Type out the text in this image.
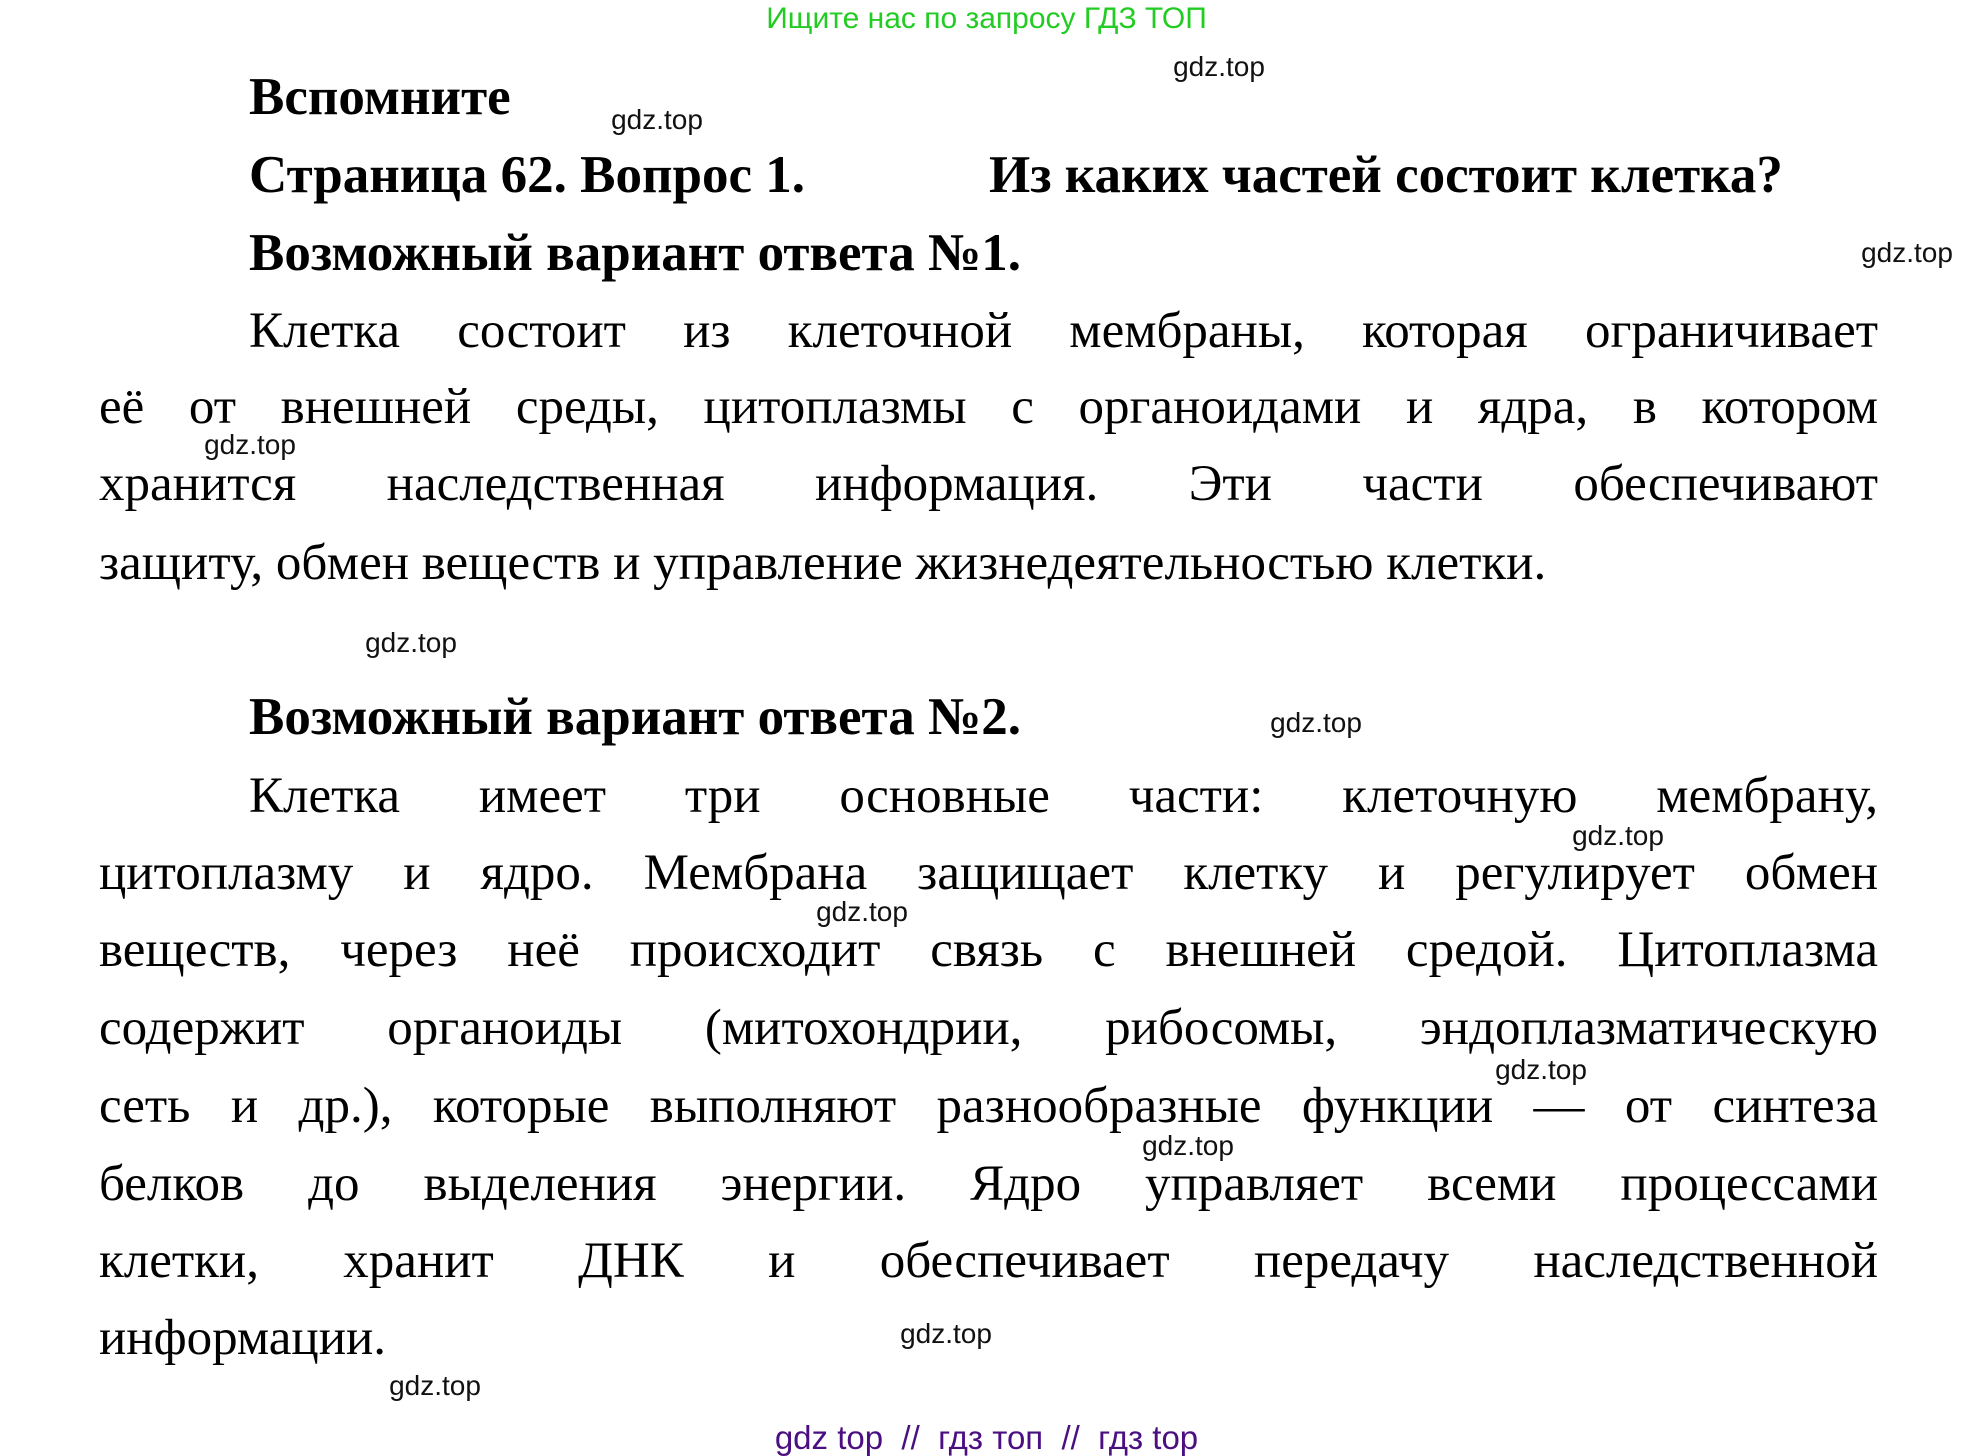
Ищите нас по запросу ГДЗ ТОП
Вспомните
Страница 62. Вопрос 1.	Из каких частей состоит клетка?
Возможный вариант ответа №1.
Клетка состоит из клеточной мембраны, которая ограничивает
её от внешней среды, цитоплазмы с органоидами и ядра, в котором
хранится наследственная информация. Эти части обеспечивают
защиту, обмен веществ и управление жизнедеятельностью клетки.
Возможный вариант ответа №2.
Клетка имеет три основные части: клеточную мембрану,
цитоплазму и ядро. Мембрана защищает клетку и регулирует обмен
веществ, через неё происходит связь с внешней средой. Цитоплазма
содержит органоиды (митохондрии, рибосомы, эндоплазматическую
сеть и др.), которые выполняют разнообразные функции — от синтеза
белков до выделения энергии. Ядро управляет всеми процессами
клетки, хранит ДНК и обеспечивает передачу наследственной
информации.
gdz.top
gdz.top
gdz.top
gdz.top
gdz.top
gdz.top
gdz.top
gdz.top
gdz.top
gdz.top
gdz.top
gdz.top
gdz top  //  гдз топ  //  гдз top
